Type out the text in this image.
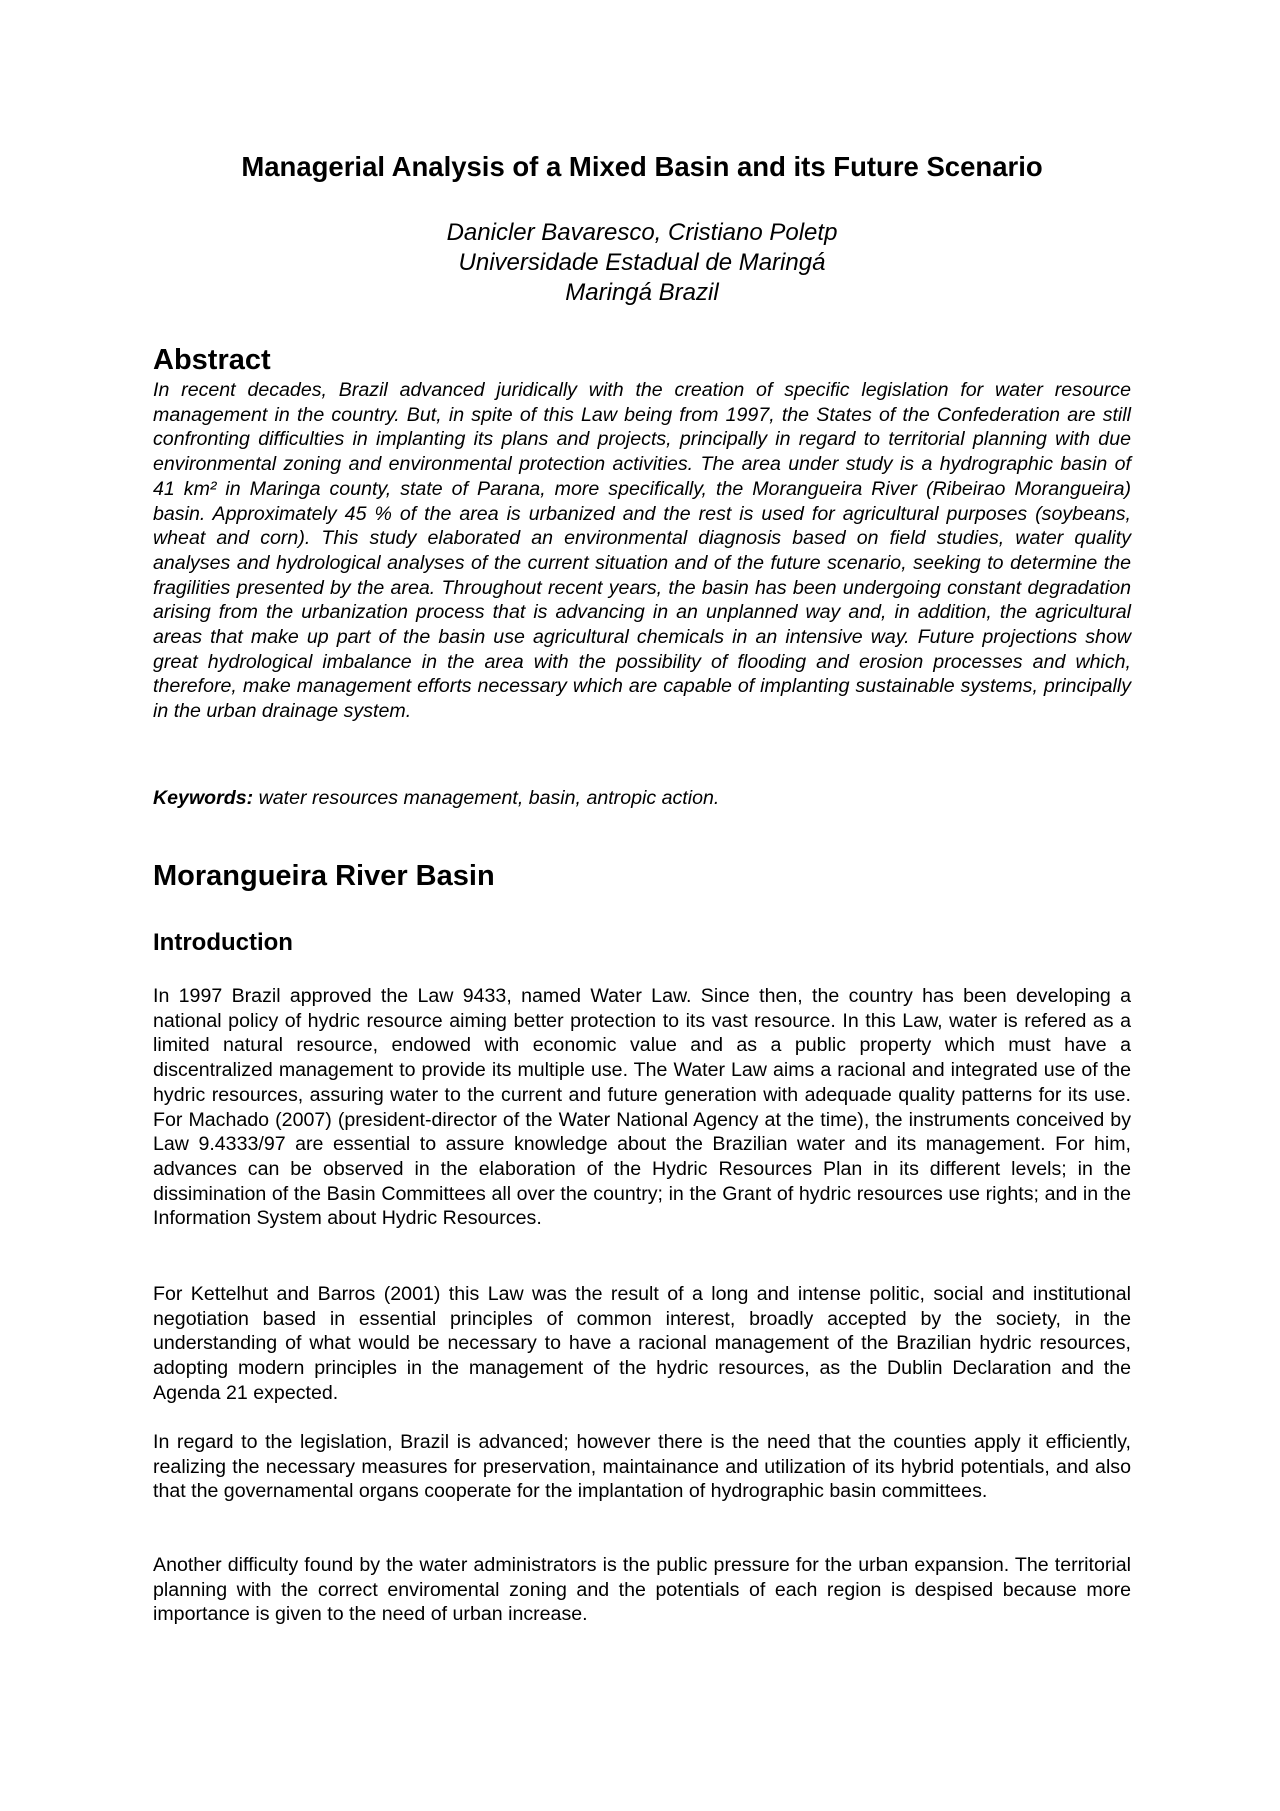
Managerial Analysis of a Mixed Basin and its Future Scenario
Danicler Bavaresco, Cristiano Poletp
Universidade Estadual de Maringá
Maringá Brazil
Abstract

In recent decades, Brazil advanced juridically with the creation of specific legislation for water resource management in the country. But, in spite of this Law being from 1997, the States of the Confederation are still confronting difficulties in implanting its plans and projects, principally in regard to territorial planning with due environmental zoning and environmental protection activities. The area under study is a hydrographic basin of 41 km² in Maringa county, state of Parana, more specifically, the Morangueira River (Ribeirao Morangueira) basin. Approximately 45 % of the area is urbanized and the rest is used for agricultural purposes (soybeans, wheat and corn). This study elaborated an environmental diagnosis based on field studies, water quality analyses and hydrological analyses of the current situation and of the future scenario, seeking to determine the fragilities presented by the area. Throughout recent years, the basin has been undergoing constant degradation arising from the urbanization process that is advancing in an unplanned way and, in addition, the agricultural areas that make up part of the basin use agricultural chemicals in an intensive way. Future projections show great hydrological imbalance in the area with the possibility of flooding and erosion processes and which, therefore, make management efforts necessary which are capable of implanting sustainable systems, principally in the urban drainage system.

Keywords: water resources management, basin, antropic action.

Morangueira River Basin
Introduction

In 1997 Brazil approved the Law 9433, named Water Law. Since then, the country has been developing a national policy of hydric resource aiming better protection to its vast resource. In this Law, water is refered as a limited natural resource, endowed with economic value and as a public property which must have a discentralized management to provide its multiple use. The Water Law aims a racional and integrated use of the hydric resources, assuring water to the current and future generation with adequade quality patterns for its use. For Machado (2007) (president-director of the Water National Agency at the time), the instruments conceived by Law 9.4333/97 are essential to assure knowledge about the Brazilian water and its management. For him, advances can be observed in the elaboration of the Hydric Resources Plan in its different levels; in the dissimination of the Basin Committees all over the country; in the Grant of hydric resources use rights; and in the Information System about Hydric Resources.

For Kettelhut and Barros (2001) this Law was the result of a long and intense politic, social and institutional negotiation based in essential principles of common interest, broadly accepted by the society, in the understanding of what would be necessary to have a racional management of the Brazilian hydric resources, adopting modern principles in the management of the hydric resources, as the Dublin Declaration and the Agenda 21 expected.

In regard to the legislation, Brazil is advanced; however there is the need that the counties apply it efficiently, realizing the necessary measures for preservation, maintainance and utilization of its hybrid potentials, and also that the governamental organs cooperate for the implantation of hydrographic basin committees.

Another difficulty found by the water administrators is the public pressure for the urban expansion. The territorial planning with the correct enviromental zoning and the potentials of each region is despised because more importance is given to the need of urban increase.
